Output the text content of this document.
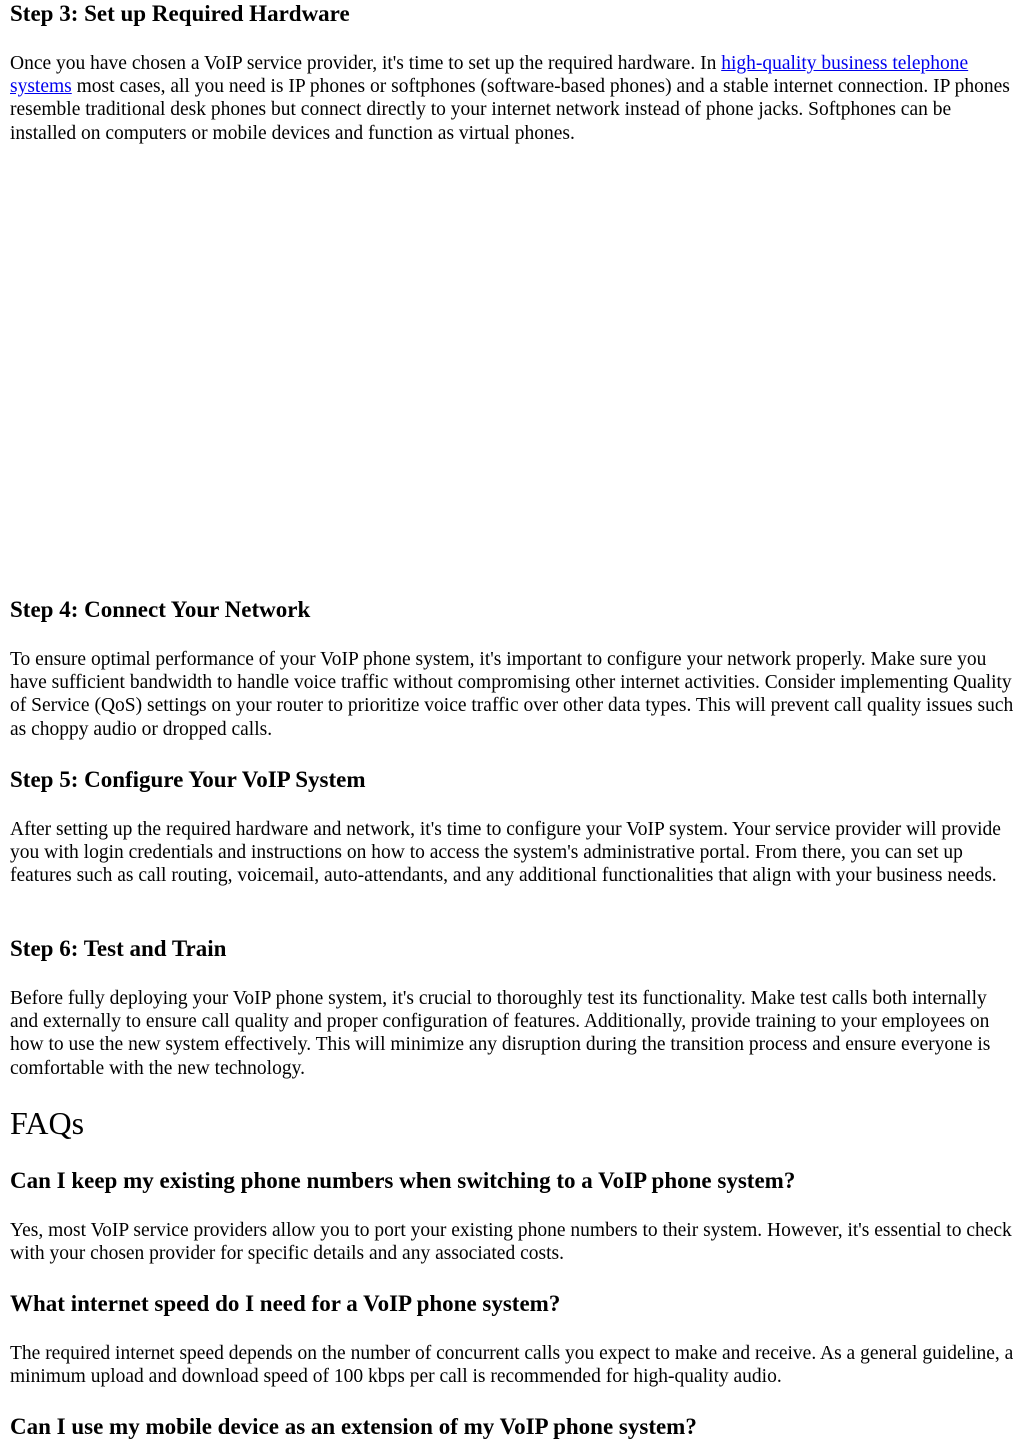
Step 3: Set up Required Hardware

Once you have chosen a VoIP service provider, it's time to set up the required hardware. In high-quality business telephone systems most cases, all you need is IP phones or softphones (software-based phones) and a stable internet connection. IP phones resemble traditional desk phones but connect directly to your internet network instead of phone jacks. Softphones can be installed on computers or mobile devices and function as virtual phones.

Step 4: Connect Your Network

To ensure optimal performance of your VoIP phone system, it's important to configure your network properly. Make sure you have sufficient bandwidth to handle voice traffic without compromising other internet activities. Consider implementing Quality of Service (QoS) settings on your router to prioritize voice traffic over other data types. This will prevent call quality issues such as choppy audio or dropped calls.

Step 5: Configure Your VoIP System

After setting up the required hardware and network, it's time to configure your VoIP system. Your service provider will provide you with login credentials and instructions on how to access the system's administrative portal. From there, you can set up features such as call routing, voicemail, auto-attendants, and any additional functionalities that align with your business needs.

Step 6: Test and Train

Before fully deploying your VoIP phone system, it's crucial to thoroughly test its functionality. Make test calls both internally and externally to ensure call quality and proper configuration of features. Additionally, provide training to your employees on how to use the new system effectively. This will minimize any disruption during the transition process and ensure everyone is comfortable with the new technology.

FAQs
Can I keep my existing phone numbers when switching to a VoIP phone system?

Yes, most VoIP service providers allow you to port your existing phone numbers to their system. However, it's essential to check with your chosen provider for specific details and any associated costs.

What internet speed do I need for a VoIP phone system?

The required internet speed depends on the number of concurrent calls you expect to make and receive. As a general guideline, a minimum upload and download speed of 100 kbps per call is recommended for high-quality audio.

Can I use my mobile device as an extension of my VoIP phone system?
